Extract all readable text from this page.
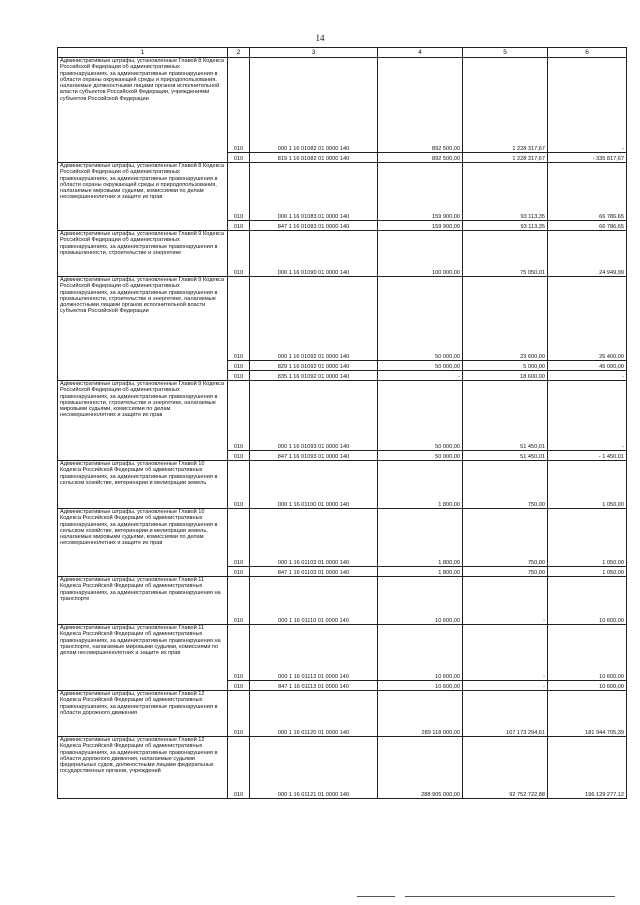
14
1	2	3	4	5	6
Административные штрафы, установленные Главой 8 Кодекса Российской Федерации об административных правонарушениях, за административные правонарушения в области охраны окружающей среды и природопользования, налагаемые должностными лицами органов исполнительной власти субъектов Российской Федерации, учреждениями субъектов Российской Федерации	010	000 1 16 01082 01 0000 140	892 500,00	1 228 317,67	-
	010	819 1 16 01082 01 0000 140	892 500,00	1 228 317,67	- 335 817,67
Административные штрафы, установленные Главой 8 Кодекса Российской Федерации об административных правонарушениях, за административные правонарушения в области охраны окружающей среды и природопользования, налагаемые мировыми судьями, комиссиями по делам несовершеннолетних и защите их прав	010	000 1 16 01083 01 0000 140	159 900,00	93 113,35	66 786,65
	010	847 1 16 01083 01 0000 140	159 900,00	93 113,35	66 786,65
Административные штрафы, установленные Главой 9 Кодекса Российской Федерации об административных правонарушениях, за административные правонарушения в промышленности, строительстве и энергетике	010	000 1 16 01090 01 0000 140	100 000,00	75 050,01	24 949,99
Административные штрафы, установленные Главой 9 Кодекса Российской Федерации об административных правонарушениях, за административные правонарушения в промышленности, строительстве и энергетике, налагаемые должностными лицами органов исполнительной власти субъектов Российской Федерации	010	000 1 16 01092 01 0000 140	50 000,00	23 600,00	26 400,00
	010	829 1 16 01092 01 0000 140	50 000,00	5 000,00	45 000,00
	010	835 1 16 01092 01 0000 140	-	18 600,00	-
Административные штрафы, установленные Главой 9 Кодекса Российской Федерации об административных правонарушениях, за административные правонарушения в промышленности, строительстве и энергетике, налагаемые мировыми судьями, комиссиями по делам несовершеннолетних и защите их прав	010	000 1 16 01093 01 0000 140	50 000,00	51 450,01	-
	010	847 1 16 01093 01 0000 140	50 000,00	51 450,01	- 1 450,01
Административные штрафы, установленные Главой 10 Кодекса Российской Федерации об административных правонарушениях, за административные правонарушения в сельском хозяйстве, ветеринарии и мелиорации земель	010	000 1 16 01100 01 0000 140	1 800,00	750,00	1 050,00
Административные штрафы, установленные Главой 10 Кодекса Российской Федерации об административных правонарушениях, за административные правонарушения в сельском хозяйстве, ветеринарии и мелиорации земель, налагаемые мировыми судьями, комиссиями по делам несовершеннолетних и защите их прав	010	000 1 16 01103 01 0000 140	1 800,00	750,00	1 050,00
	010	847 1 16 01103 01 0000 140	1 800,00	750,00	1 050,00
Административные штрафы, установленные Главой 11 Кодекса Российской Федерации об административных правонарушениях, за административные правонарушения на транспорте	010	000 1 16 01110 01 0000 140	10 600,00	-	10 600,00
Административные штрафы, установленные Главой 11 Кодекса Российской Федерации об административных правонарушениях, за административные правонарушения на транспорте, налагаемые мировыми судьями, комиссиями по делам несовершеннолетних и защите их прав	010	000 1 16 01113 01 0000 140	10 600,00	-	10 600,00
	010	847 1 16 01113 01 0000 140	10 600,00	-	10 600,00
Административные штрафы, установленные Главой 12 Кодекса Российской Федерации об административных правонарушениях, за административные правонарушения в области дорожного движения	010	000 1 16 01120 01 0000 140	289 118 000,00	107 173 294,61	181 944 705,39
Административные штрафы, установленные Главой 12 Кодекса Российской Федерации об административных правонарушениях, за административные правонарушения в области дорожного движения, налагаемые судьями федеральных судов, должностными лицами федеральных государственных органов, учреждений	010	000 1 16 01121 01 0000 140	288 905 000,00	92 752 722,88	196 129 277,12
